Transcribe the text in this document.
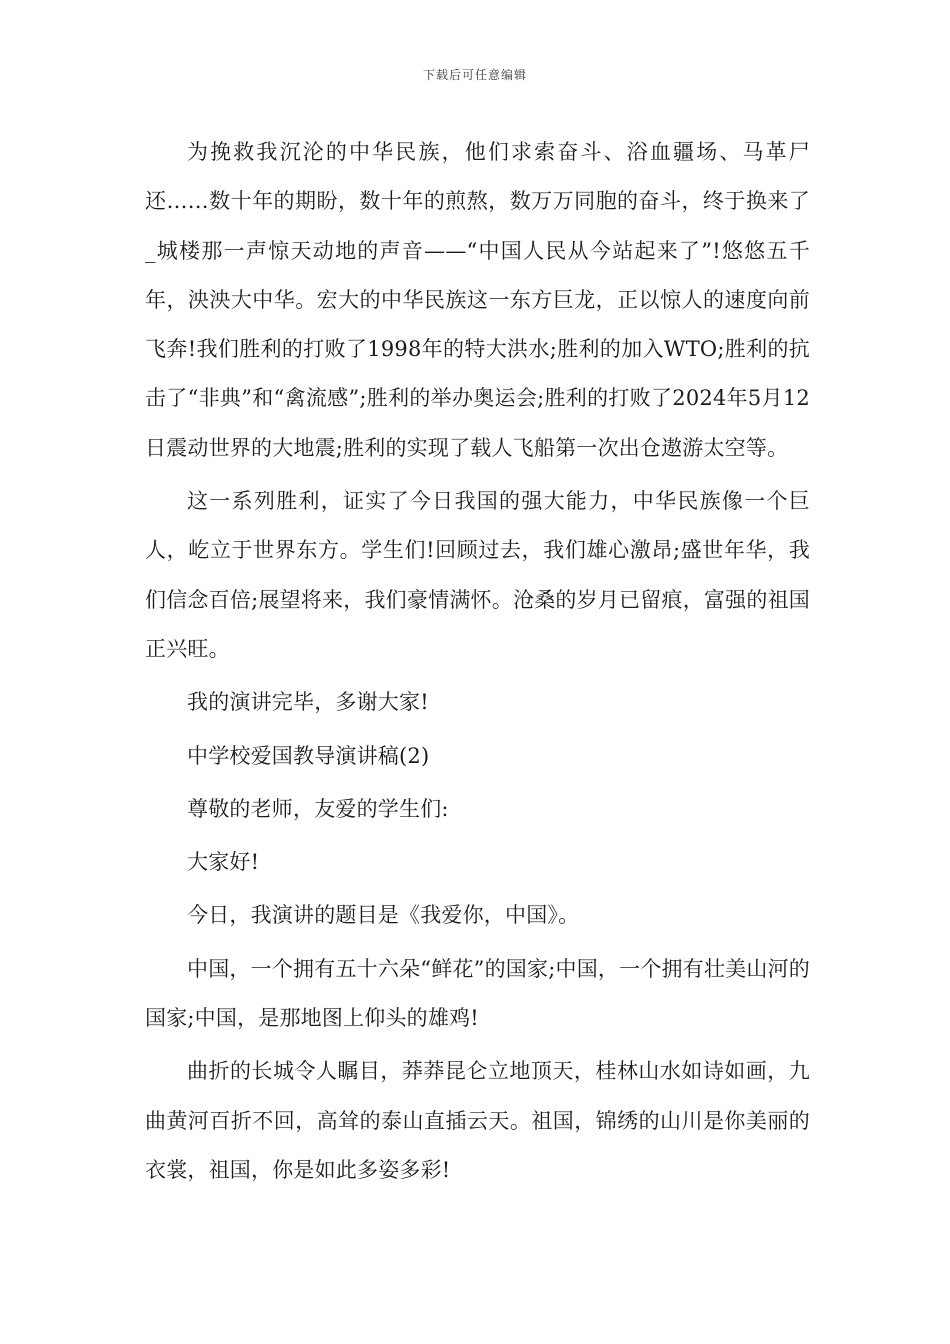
下载后可任意编辑

为挽救我沉沦的中华民族，他们求索奋斗、浴血疆场、马革尸还……数十年的期盼，数十年的煎熬，数万万同胞的奋斗，终于换来了_城楼那一声惊天动地的声音——“中国人民从今站起来了”!悠悠五千年，泱泱大中华。宏大的中华民族这一东方巨龙，正以惊人的速度向前飞奔!我们胜利的打败了1998年的特大洪水;胜利的加入WTO;胜利的抗击了“非典”和“禽流感”;胜利的举办奥运会;胜利的打败了2024年5月12日震动世界的大地震;胜利的实现了载人飞船第一次出仓遨游太空等。

这一系列胜利，证实了今日我国的强大能力，中华民族像一个巨人，屹立于世界东方。学生们!回顾过去，我们雄心激昂;盛世年华，我们信念百倍;展望将来，我们豪情满怀。沧桑的岁月已留痕，富强的祖国正兴旺。

我的演讲完毕，多谢大家!

中学校爱国教导演讲稿(2)

尊敬的老师，友爱的学生们:

大家好!

今日，我演讲的题目是《我爱你，中国》。

中国，一个拥有五十六朵“鲜花”的国家;中国，一个拥有壮美山河的国家;中国，是那地图上仰头的雄鸡!

曲折的长城令人瞩目，莽莽昆仑立地顶天，桂林山水如诗如画，九曲黄河百折不回，高耸的泰山直插云天。祖国，锦绣的山川是你美丽的衣裳，祖国，你是如此多姿多彩!
